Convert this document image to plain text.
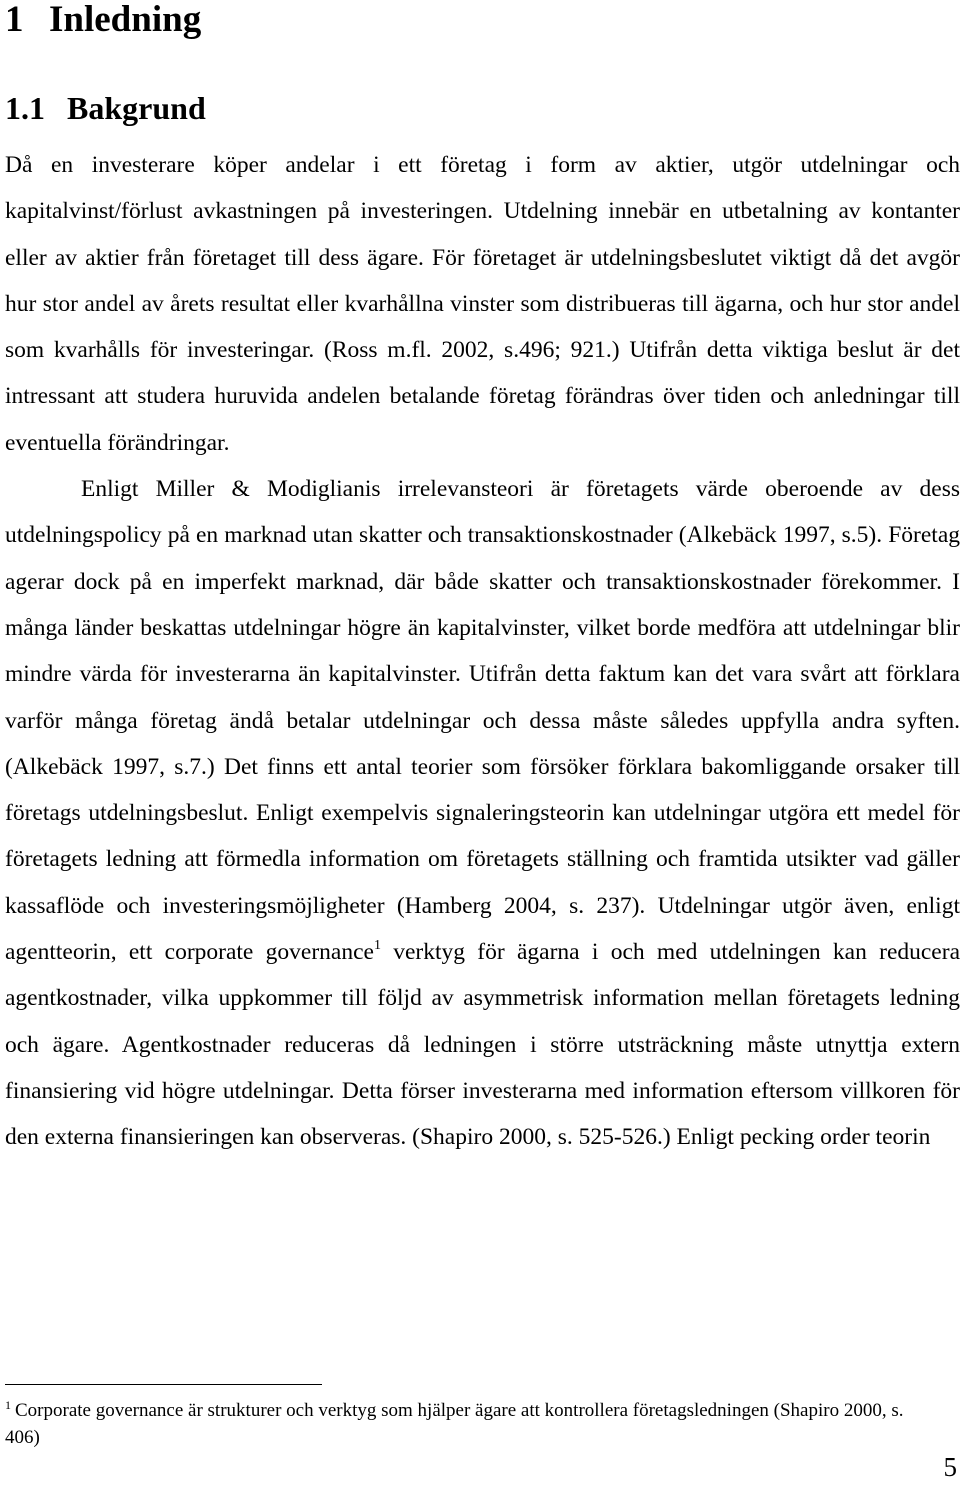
1 Inledning
1.1 Bakgrund

Då en investerare köper andelar i ett företag i form av aktier, utgör utdelningar och kapitalvinst/förlust avkastningen på investeringen. Utdelning innebär en utbetalning av kontanter eller av aktier från företaget till dess ägare. För företaget är utdelningsbeslutet viktigt då det avgör hur stor andel av årets resultat eller kvarhållna vinster som distribueras till ägarna, och hur stor andel som kvarhålls för investeringar. (Ross m.fl. 2002, s.496; 921.) Utifrån detta viktiga beslut är det intressant att studera huruvida andelen betalande företag förändras över tiden och anledningar till eventuella förändringar.

Enligt Miller & Modiglianis irrelevansteori är företagets värde oberoende av dess utdelningspolicy på en marknad utan skatter och transaktionskostnader (Alkebäck 1997, s.5). Företag agerar dock på en imperfekt marknad, där både skatter och transaktionskostnader förekommer. I många länder beskattas utdelningar högre än kapitalvinster, vilket borde medföra att utdelningar blir mindre värda för investerarna än kapitalvinster. Utifrån detta faktum kan det vara svårt att förklara varför många företag ändå betalar utdelningar och dessa måste således uppfylla andra syften. (Alkebäck 1997, s.7.) Det finns ett antal teorier som försöker förklara bakomliggande orsaker till företags utdelningsbeslut. Enligt exempelvis signaleringsteorin kan utdelningar utgöra ett medel för företagets ledning att förmedla information om företagets ställning och framtida utsikter vad gäller kassaflöde och investeringsmöjligheter (Hamberg 2004, s. 237). Utdelningar utgör även, enligt agentteorin, ett corporate governance$^1$ verktyg för ägarna i och med utdelningen kan reducera agentkostnader, vilka uppkommer till följd av asymmetrisk information mellan företagets ledning och ägare. Agentkostnader reduceras då ledningen i större utsträckning måste utnyttja extern finansiering vid högre utdelningar. Detta förser investerarna med information eftersom villkoren för den externa finansieringen kan observeras. (Shapiro 2000, s. 525-526.) Enligt pecking order teorin

$^1$ Corporate governance är strukturer och verktyg som hjälper ägare att kontrollera företagsledningen (Shapiro 2000, s. 406)
5
